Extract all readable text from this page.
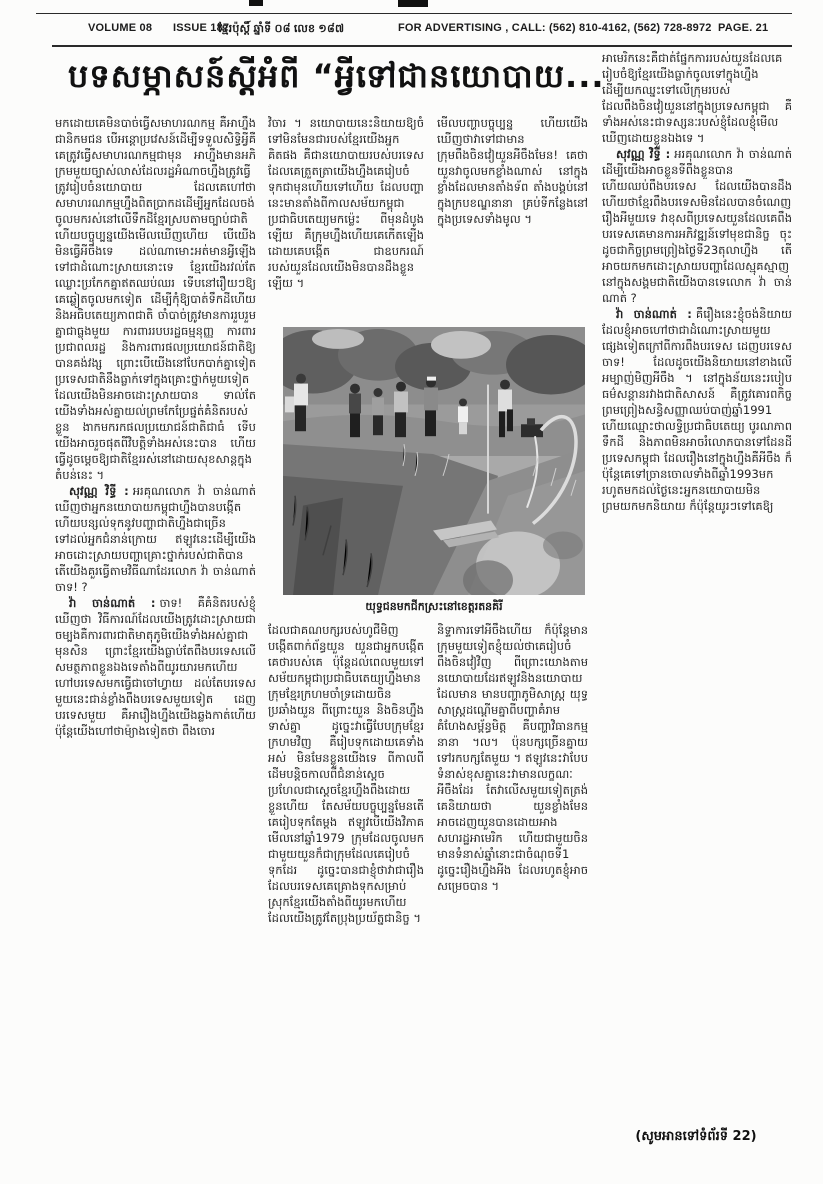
VOLUME 08 ISSUE 187
ខ្មែរប៉ុស្ដិ៍ ឆ្នាំទី ០៨ លេខ ១៨៧	FOR ADVERTISING , CALL: (562) 810-4162, (562) 728-8972 PAGE. 21
បទសម្ភាសន៍ស្ដីអំពី “អ្វីទៅជានយោបាយ...

មកដោយគេមិនបាច់ធ្វើសមាហរណកម្ម គឺអាហ្នឹងជានិកមជន បើអន្តោប្រវេសន៍ដើម្បីទទួលសិទ្ធិអ្វីគឺគេត្រូវធ្វើសមាហរណកម្មជាមុន អាហ្នឹងមានអភិក្រមមួយច្បាស់លាស់ដែលរដ្ឋអំណាចហ្នឹងត្រូវធ្វើ ត្រូវរៀបចំនយោបាយ ដែលគេហៅថាសមាហរណកម្មហ្នឹងពិតប្រាកដដើម្បីអ្នកដែលចង់ចូលមករស់នៅលើទឹកដីខ្មែរស្របតាមច្បាប់ជាតិ ហើយបច្ចុប្បន្នយើងមើលឃើញហើយ បើយើងមិនធ្វើអីចឹងទេ ដល់ណាមោះអត់មានអ្វីឡើងទៅជាដំណោះស្រាយនោះទេ ខ្មែរយើងរវល់តែឈ្លោះប្រកែកគ្នាឥតឈប់ឈរ ទើបនៅរឿយៗឱ្យគេឆ្លៀតចូលមកទៀត ដើម្បីកុំឱ្យបាត់ទឹកដីហើយនិងអធិបតេយ្យភាពជាតិ ចាំបាច់ត្រូវមានការរួបរួមគ្នាជាធ្លុងមួយ ការពាររបបរដ្ឋធម្មនុញ្ញ ការពារប្រជាពលរដ្ឋ និងការពារផលប្រយោជន៍ជាតិឱ្យបានគង់វង្ស ព្រោះបើយើងនៅបែកបាក់គ្នាទៀត ប្រទេសជាតិនឹងធ្លាក់ទៅក្នុងគ្រោះថ្នាក់មួយទៀតដែលយើងមិនអាចដោះស្រាយបាន ទាល់តែយើងទាំងអស់គ្នាយល់ព្រមកែប្រែផ្នត់គំនិតរបស់ខ្លួន ងាកមករកផលប្រយោជន៍ជាតិជាធំ ទើបយើងអាចរួចផុតពីវិបត្តិទាំងអស់នេះបាន ហើយធ្វើដូចម្តេចឱ្យជាតិខ្មែររស់នៅដោយសុខសាន្តក្នុងតំបន់នេះ ។

សុវណ្ណ វិទ្ធី : អរគុណលោក វ៉ា ចាន់ណាត់ ឃើញថាអ្នកនយោបាយកម្ពុជាហ្នឹងបានបង្កើត ហើយបន្សល់ទុកនូវបញ្ហាជាតិហ្នឹងជាច្រើនទៅដល់អ្នកជំនាន់ក្រោយ ឥឡូវនេះដើម្បីយើងអាចដោះស្រាយបញ្ហាគ្រោះថ្នាក់របស់ជាតិបាន តើយើងគួរធ្វើតាមវិធីណាដែរលោក វ៉ា ចាន់ណាត់ ចាទ! ?

វ៉ា ចាន់ណាត់ : ចាទ! គឺគំនិតរបស់ខ្ញុំឃើញថា វិធីការណ៍ដែលយើងត្រូវដោះស្រាយជាចម្បងគឺការពារជាតិមាតុភូមិយើងទាំងអស់គ្នាជាមុនសិន ព្រោះខ្មែរយើងធ្លាប់តែពឹងបរទេសលើសមត្ថភាពខ្លួនឯងទេតាំងពីយូរយារមកហើយ ហៅបរទេសមកធ្វើជាចៅហ្វាយ ដល់តែបរទេសមួយនេះជាន់ខ្លាំងពឹងបរទេសមួយទៀត ដេញបរទេសមួយ គឺអារឿងហ្នឹងយើងឆ្លងកាត់ហើយ ប៉ុន្តែយើងហៅថាម៉្យាងទៀតថា ពឹងចោរ

វិចារ ។ នយោបាយនេះនិយាយឱ្យចំទៅមិនមែនជារបស់ខ្មែរយើងអ្នកគិតផង គឺជានយោបាយរបស់បរទេសដែលគេត្រួតត្រាយើងហ្នឹងគេរៀបចំទុកជាមុនហើយទៅហើយ ដែលបញ្ហានេះមានតាំងពីកាលសម័យកម្ពុជាប្រជាធិបតេយ្យមកម្ល៉េះ ពីមុនដំបូងឡើយ គឺក្រុមហ្នឹងហើយគេកើតឡើងដោយគេបង្កើត ជាឧបករណ៍របស់យួនដែលយើងមិនបានដឹងខ្លួនឡើយ ។

មើលបញ្ហាបច្ចុប្បន្ន ហើយយើងឃើញថាវាទៅជាមានក្រុមពឹងចិនវៀយួនអីចឹងមែន! គេថា យួនវាចូលមកខ្លាំងណាស់ នៅក្នុងខ្លាំងដែលមានតាំងទ័ព តាំងបង្គប់នៅក្នុងក្របខណ្ឌនានា គ្រប់ទីកន្លែងនៅក្នុងប្រទេសទាំងមូល ។

យុទ្ធជនមកជីកស្រះនៅខេត្តរតនគិរី

ដែលជាគណបក្សរបស់ហូជីមិញបង្កើតពាក់ព័ន្ធយួន យួនជាអ្នកបង្កើតគេថារបស់គេ ប៉ុន្តែដល់ពេលមួយទៅសម័យកម្ពុជាប្រជាធិបតេយ្យហ្នឹងមានក្រុមខ្មែរក្រហមចាំទ្រដោយចិនប្រឆាំងយួន ពីព្រោះយួន និងចិនហ្នឹងទាស់គ្នា ដូច្នេះវាធ្វើបែបក្រុមខ្មែរក្រហមវិញ គឺរៀបទុកដោយគេទាំងអស់ មិនមែនខ្លួនយើងទេ ពីកាលពីដើមបន្តិចកាលពីជំនាន់ស្ដេច ប្រហែលជាស្ដេចខ្មែរហ្នឹងពឹងដោយខ្លួនហើយ តែសម័យបច្ចុប្បន្នមែនតើ គេរៀបទុកតែម្តង ឥឡូវបើយើងវិភាគមើលនៅឆ្នាំ1979 ក្រុមដែលចូលមកជាមួយយួនក៏ជាក្រុមដែលគេរៀបចំទុកដែរ ដូច្នេះបានជាខ្ញុំថាវាជារឿងដែលបរទេសគេគ្រោងទុកសម្រាប់ស្រុកខ្មែរយើងតាំងពីយូរមកហើយ ដែលយើងត្រូវតែប្រុងប្រយ័ត្នជានិច្ច ។

និទ្ទាការទៅអីចឹងហើយ ក៏ប៉ុន្តែមានក្រុមមួយទៀតខ្ញុំយល់ថាគេរៀបចំ ពឹងចិនវៀវិញ ពីព្រោះយោងតាមនយោបាយដែរឥឡូវនិងនយោបាយដែលមាន មានបញ្ហាភូមិសាស្ត្រ យុទ្ធសាស្ត្រដណ្ដើមគ្នាពីបញ្ហាគំរាមគំហែងសម្ព័ន្ធមិត្ត គឺបញ្ហាវិធានកម្មនានា ។ល។ ប៉ុនបក្សច្រើនគ្នាយទៅរកបក្សតែមួយ ។ ឥឡូវនេះវាបែបទំនាស់ខុសគ្នានេះវាមានលក្ខណៈអីចឹងដែរ តែវាលើសមួយទៀតត្រង់គេនិយាយថា យួនខ្លាំងមែនអាចដេញយួនបានដោយអាងសហរដ្ឋអាមេរិក ហើយជាមួយចិនមានទំនាស់ឆ្នាំនោះជាចំណុចទី1 ដូច្នេះរឿងហ្នឹងអីង ដែលរហូតខ្ញុំអាចសម្រេចបាន ។

អាមេរិកនេះគឺជាត់ផ្នែកការរបស់យួនដែលគេរៀបចំឱ្យខ្មែរយើងធ្លាក់ចូលទៅក្នុងហ្នឹងដើម្បីយកឈ្នះទៅលើក្រុមរបស់ដែលពឹងចិនវៀយួននៅក្នុងប្រទេសកម្ពុជា គឺទាំងអស់នេះជាទស្សនៈរបស់ខ្ញុំដែលខ្ញុំមើលឃើញដោយខ្លួនឯងទេ ។

សុវណ្ណ វិទ្ធី : អរគុណលោក វ៉ា ចាន់ណាត់ ដើម្បីយើងអាចខ្លួនទីពឹងខ្លួនបាន ហើយឈប់ពឹងបរទេស ដែលយើងបានដឹងហើយថាខ្មែរពឹងបរទេសមិនដែលបានចំណេញរឿងអីមួយទេ វាខុសពីប្រទេសយួនដែលគេពឹងបរទេសគេមានការអភិវឌ្ឍន៍ទៅមុខជានិច្ច ចុះដូចជាកិច្ចព្រមព្រៀងថ្ងៃទី23តុលាហ្នឹង តើអាចយកមកដោះស្រាយបញ្ហាដែលស្មុគស្មាញនៅក្នុងសង្គមជាតិយើងបានទេលោក វ៉ា ចាន់ណាត់ ?

វ៉ា ចាន់ណាត់ : គឺរឿងនេះខ្ញុំចង់និយាយ ដែលខ្ញុំអាចហៅថាជាដំណោះស្រាយមួយផ្សេងទៀតក្រៅពីការពឹងបរទេស ដេញបរទេស ចាទ! ដែលដូចយើងនិយាយនៅខាងលើអម្បាញ់មិញអីចឹង ។ នៅក្នុងន័យនេះរបៀបធម៌សន្តានរវាងជាតិសាសន៍ គឺត្រូវគោរពកិច្ចព្រមព្រៀងសន្ធិសញ្ញាឈប់បាញ់ឆ្នាំ1991 ហើយឈ្មោះថាលទ្ធិប្រជាធិបតេយ្យ បូរណភាពទឹកដី និងភាពមិនអាចរំលោភបានទៅដែនដីប្រទេសកម្ពុជា ដែលរឿងនៅក្នុងហ្នឹងគឺអីចឹង ក៏ប៉ុន្តែគេទៅច្រានចោលទាំងពីឆ្នាំ1993មក រហូតមកដល់ថ្ងៃនេះអ្នកនយោបាយមិនព្រមយកមកនិយាយ ក៏ប៉ុន្តែយូរៗទៅគេឱ្យ

(សូមអានទៅទំព័រទី 22)
